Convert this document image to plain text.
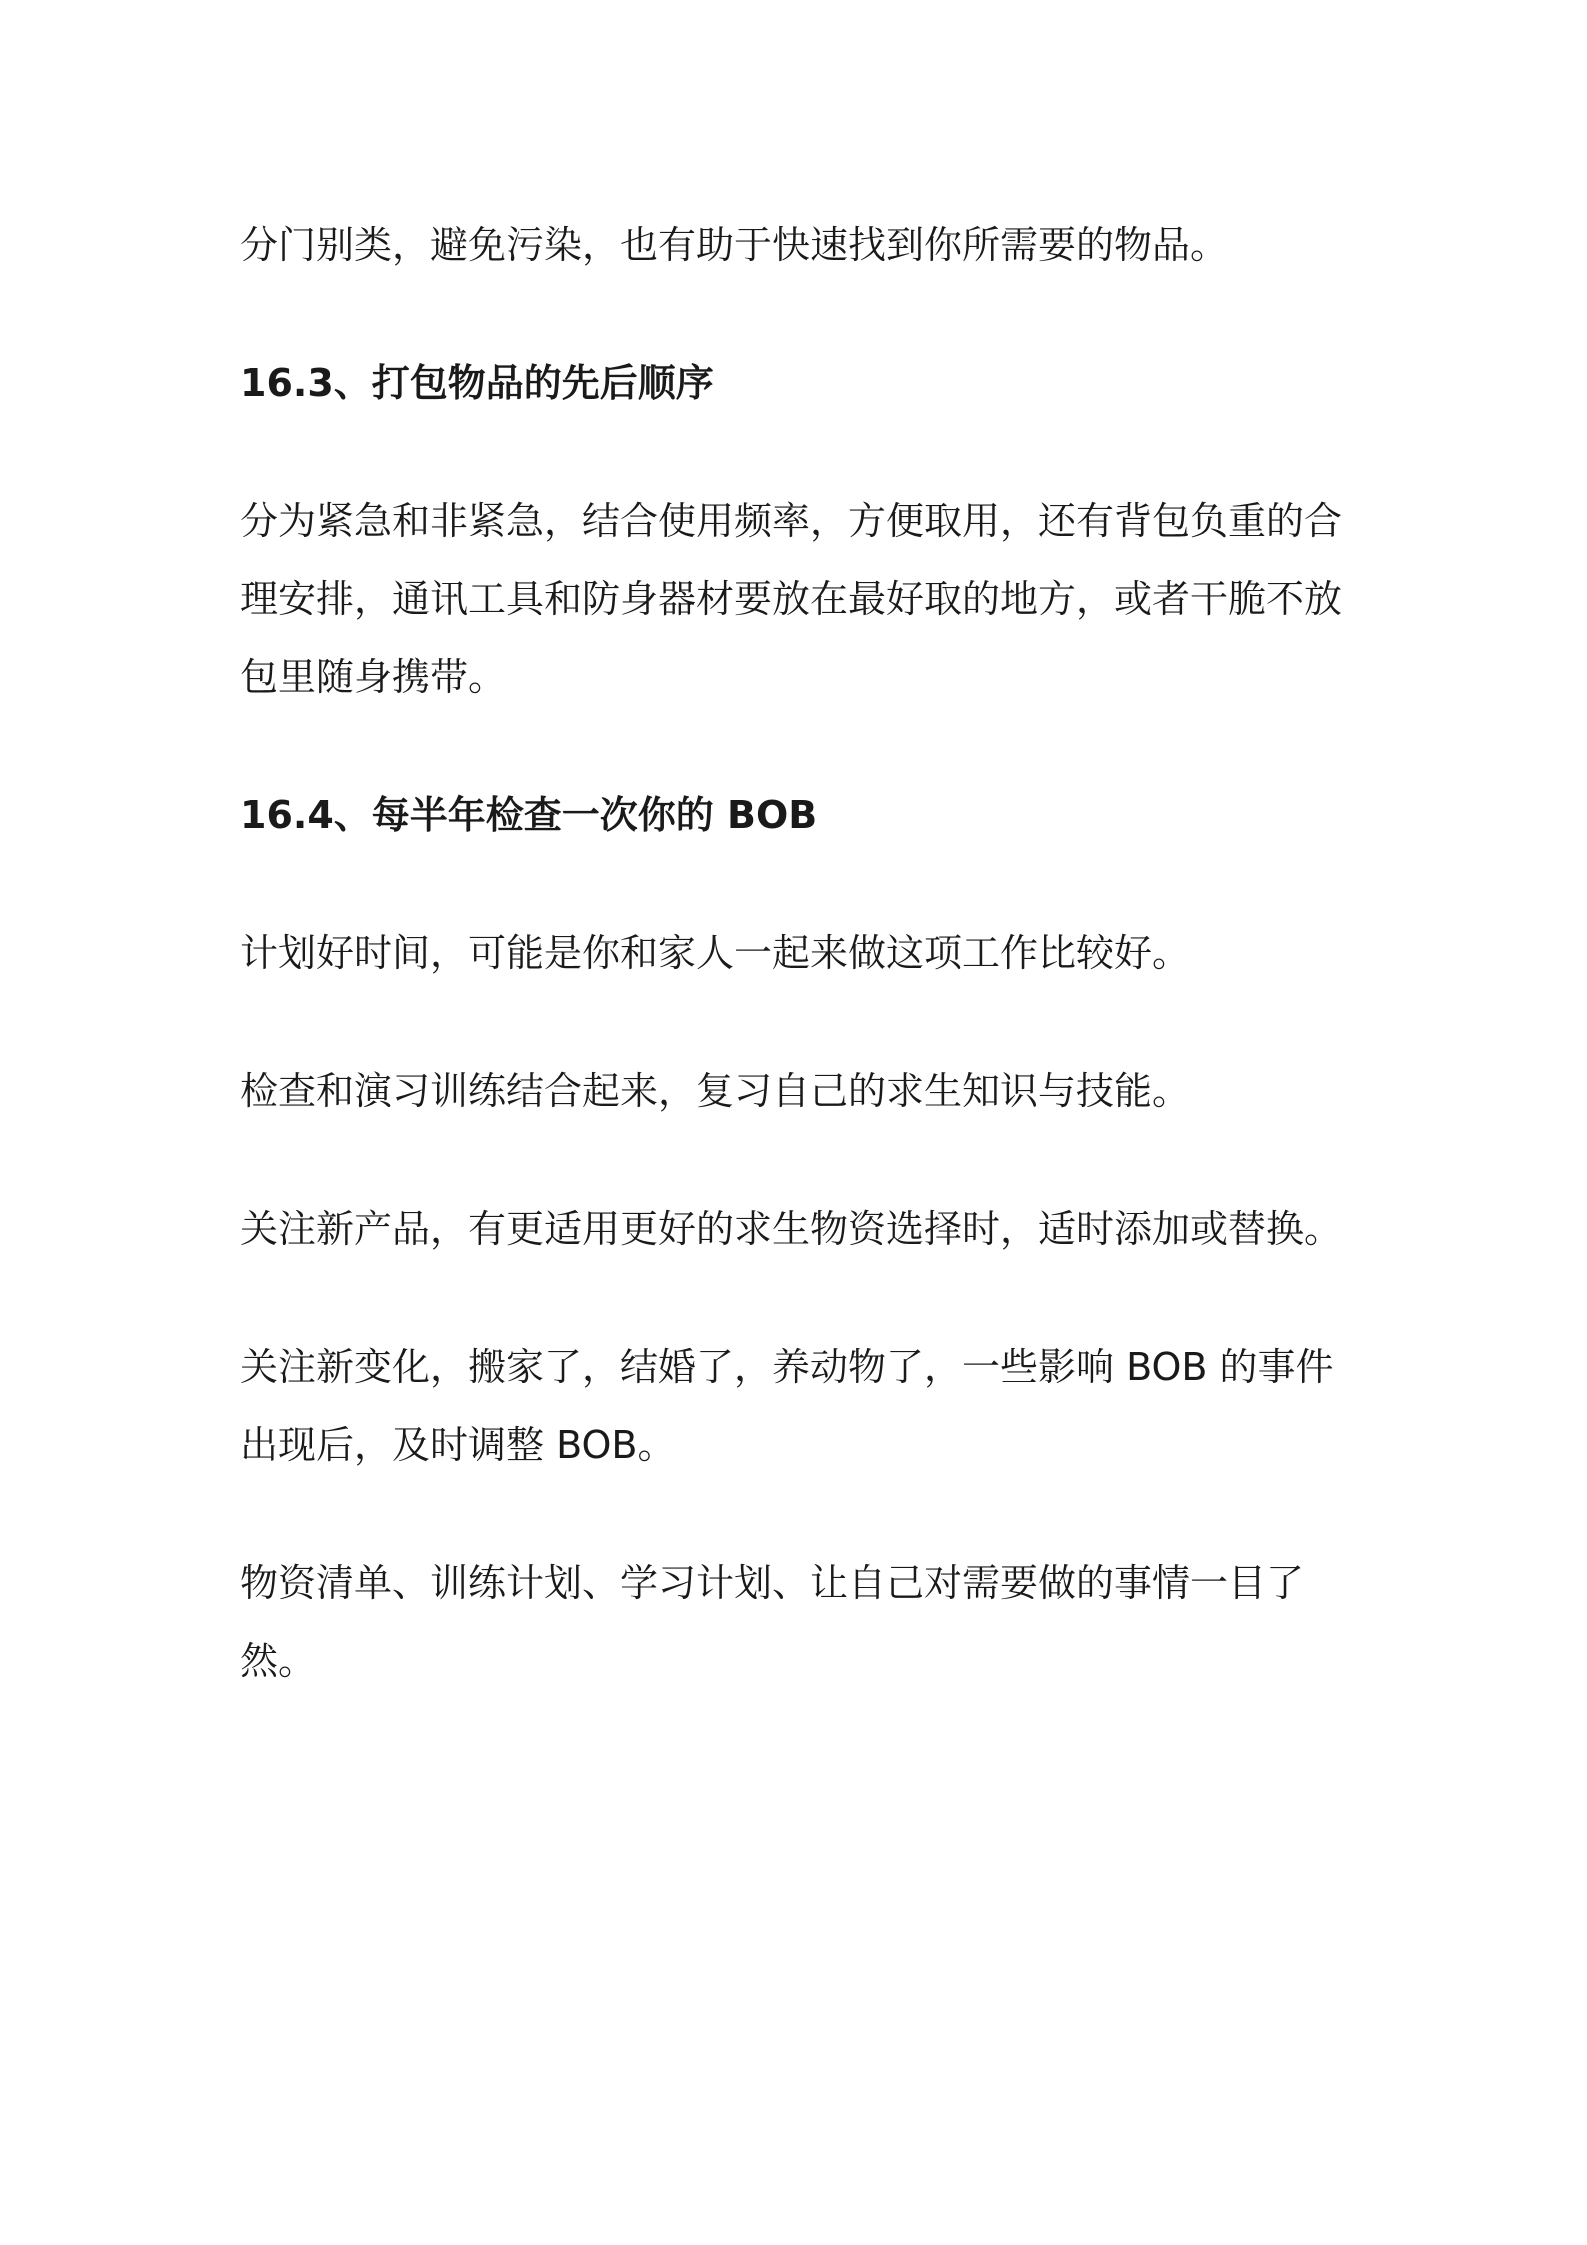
分门别类，避免污染，也有助于快速找到你所需要的物品。

16.3、打包物品的先后顺序

分为紧急和非紧急，结合使用频率，方便取用，还有背包负重的合理安排，通讯工具和防身器材要放在最好取的地方，或者干脆不放包里随身携带。

16.4、每半年检查一次你的 BOB

计划好时间，可能是你和家人一起来做这项工作比较好。

检查和演习训练结合起来，复习自己的求生知识与技能。

关注新产品，有更适用更好的求生物资选择时，适时添加或替换。

关注新变化，搬家了，结婚了，养动物了，一些影响 BOB 的事件出现后，及时调整 BOB。

物资清单、训练计划、学习计划、让自己对需要做的事情一目了然。
